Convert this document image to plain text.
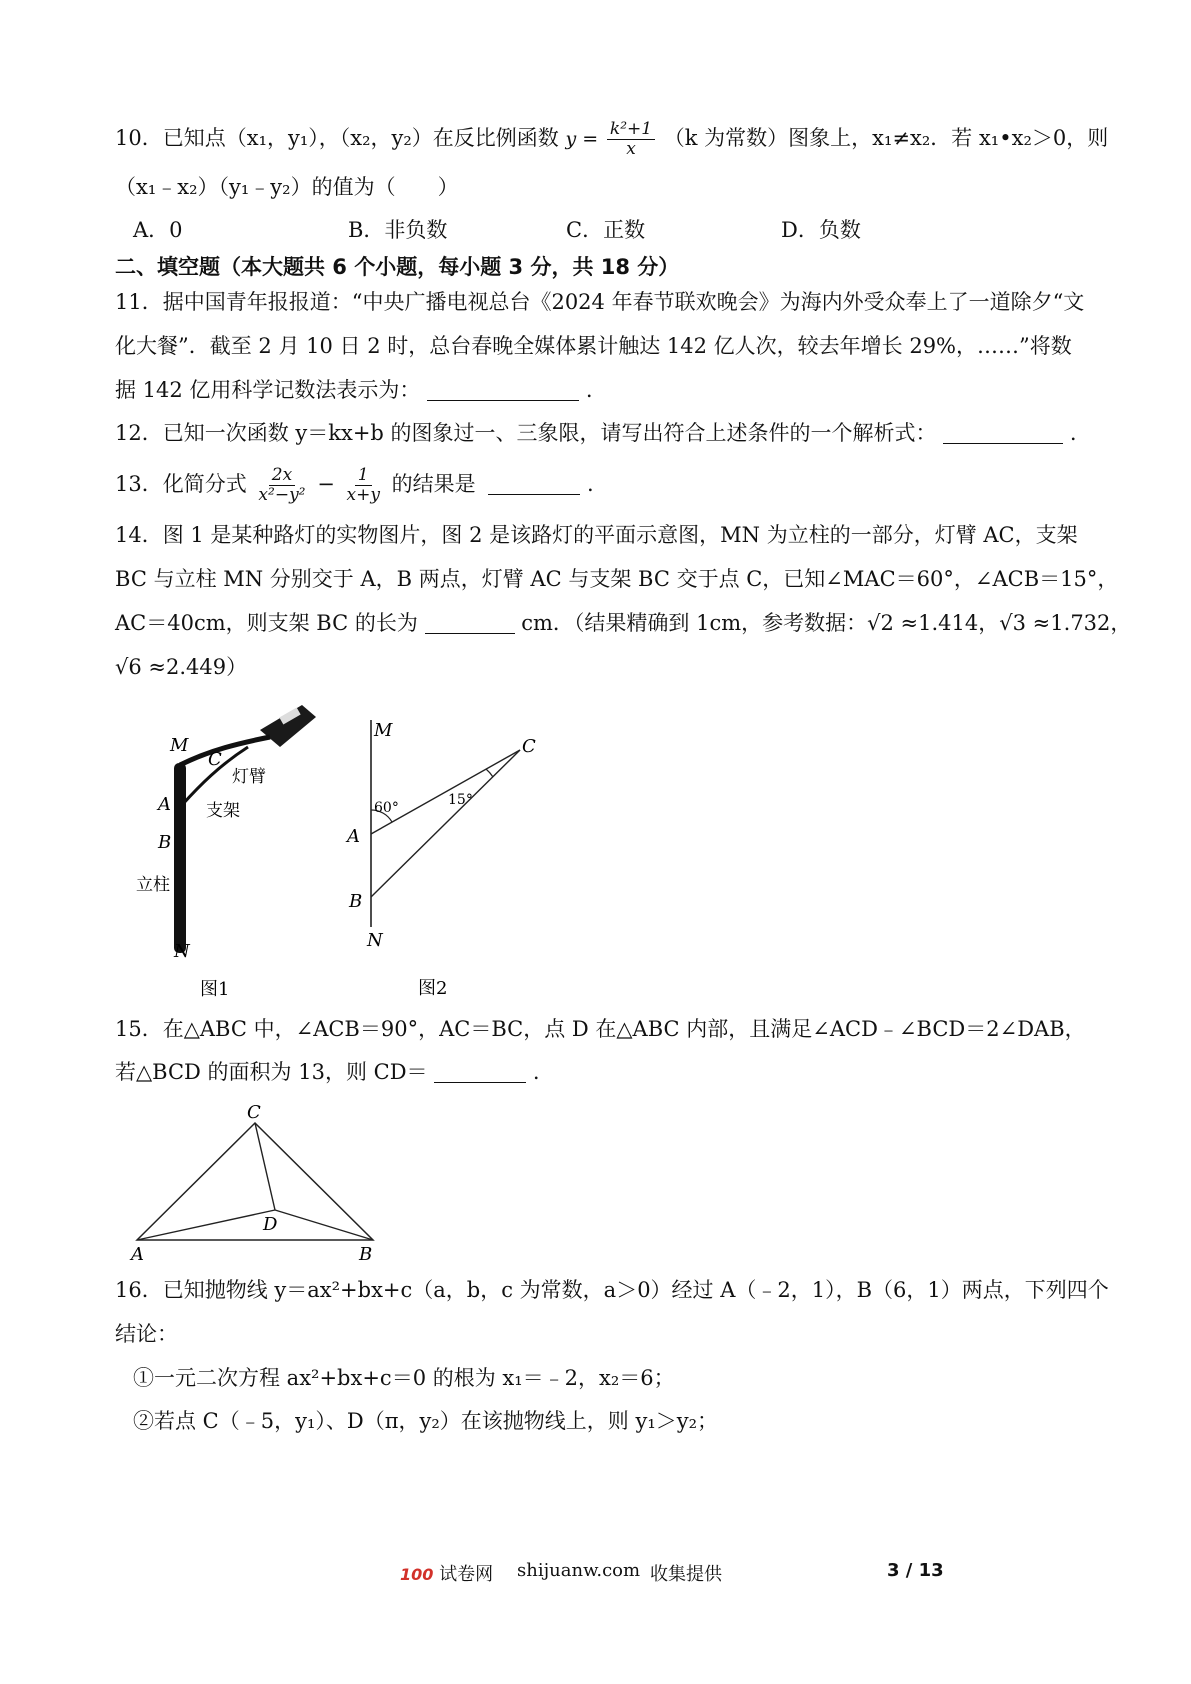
10．已知点（x₁，y₁），（x₂，y₂）在反比例函数 $y = \frac{\text{k²+1}}{x} (k$ 为常数）图象上，x₁≠x₂．若 x₁•x₂＞0，则
（x₁﹣x₂）（y₁﹣y₂）的值为（　　）
A．0	B．非负数	C．正数	D．负数
二、填空题（本大题共 6 个小题，每小题 3 分，共 18 分）
11．据中国青年报报道：“中央广播电视总台《2024 年春节联欢晚会》为海内外受众奉上了一道除夕“文
化大餐”．截至 2 月 10 日 2 时，总台春晚全媒体累计触达 142 亿人次，较去年增长 29%，……”将数
据 142 亿用科学记数法表示为：	.
12．已知一次函数 y＝kx+b 的图象过一、三象限，请写出符合上述条件的一个解析式：	.
13．化简分式 $\frac{2x}{\text{x²−y²}} - \frac{1}{x+y}$ 的结果是	.
14．图 1 是某种路灯的实物图片，图 2 是该路灯的平面示意图，MN 为立柱的一部分，灯臂 AC，支架
BC 与立柱 MN 分别交于 A，B 两点，灯臂 AC 与支架 BC 交于点 C，已知∠MAC＝60°，∠ACB＝15°，
AC＝40cm，则支架 BC 的长为	cm．（结果精确到 1cm，参考数据：√2 ≈1.414，√3 ≈1.732，
√6 ≈2.449）
M
C
灯臂
A 支架
B
立柱
N
图1
M
C
60°	15°
A
B
N
图2
15．在△ABC 中，∠ACB＝90°，AC＝BC，点 D 在△ABC 内部，且满足∠ACD﹣∠BCD＝2∠DAB，
若△BCD 的面积为 13，则 CD＝	.
C
D
A	B
16．已知抛物线 y＝ax²+bx+c（a，b，c 为常数，a＞0）经过 A（﹣2，1），B（6，1）两点，下列四个
结论：
①一元二次方程 ax²+bx+c＝0 的根为 x₁＝﹣2，x₂＝6；
②若点 C（﹣5，y₁）、D（π，y₂）在该抛物线上，则 y₁＞y₂；
100 试卷网 shijuanw.com 收集提供	3 / 13
